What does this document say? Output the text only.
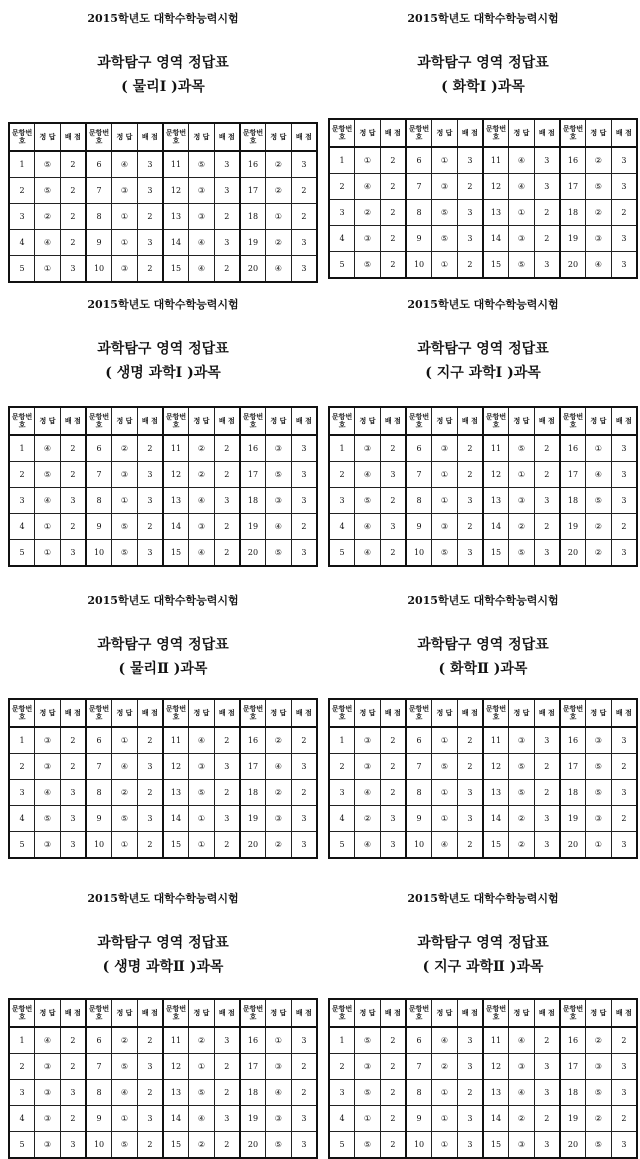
2015학년도 대학수학능력시험
과학탐구 영역 정답표
( 물리Ⅰ )과목
문항번호	정 답	배 점	문항번호	정 답	배 점	문항번호	정 답	배 점	문항번호	정 답	배 점
1	⑤	2	6	④	3	11	⑤	3	16	②	3
2	⑤	2	7	③	3	12	③	3	17	②	2
3	②	2	8	①	2	13	③	2	18	①	2
4	④	2	9	①	3	14	④	3	19	②	3
5	①	3	10	③	2	15	④	2	20	④	3
2015학년도 대학수학능력시험
과학탐구 영역 정답표
( 화학Ⅰ )과목
문항번호	정 답	배 점	문항번호	정 답	배 점	문항번호	정 답	배 점	문항번호	정 답	배 점
1	①	2	6	①	3	11	④	3	16	②	3
2	④	2	7	③	2	12	④	3	17	⑤	3
3	②	2	8	⑤	3	13	①	2	18	②	2
4	③	2	9	⑤	3	14	③	2	19	③	3
5	⑤	2	10	①	2	15	⑤	3	20	④	3
2015학년도 대학수학능력시험
과학탐구 영역 정답표
( 생명 과학Ⅰ )과목
문항번호	정 답	배 점	문항번호	정 답	배 점	문항번호	정 답	배 점	문항번호	정 답	배 점
1	④	2	6	②	2	11	②	2	16	③	3
2	⑤	2	7	③	3	12	②	2	17	⑤	3
3	④	3	8	①	3	13	④	3	18	③	3
4	①	2	9	⑤	2	14	③	2	19	④	2
5	①	3	10	⑤	3	15	④	2	20	⑤	3
2015학년도 대학수학능력시험
과학탐구 영역 정답표
( 지구 과학Ⅰ )과목
문항번호	정 답	배 점	문항번호	정 답	배 점	문항번호	정 답	배 점	문항번호	정 답	배 점
1	③	2	6	③	2	11	⑤	2	16	①	3
2	④	3	7	①	2	12	①	2	17	④	3
3	⑤	2	8	①	3	13	③	3	18	⑤	3
4	④	3	9	③	2	14	②	2	19	②	2
5	④	2	10	⑤	3	15	⑤	3	20	②	3
2015학년도 대학수학능력시험
과학탐구 영역 정답표
( 물리Ⅱ )과목
문항번호	정 답	배 점	문항번호	정 답	배 점	문항번호	정 답	배 점	문항번호	정 답	배 점
1	③	2	6	①	2	11	④	2	16	②	2
2	③	2	7	④	3	12	③	3	17	④	3
3	④	3	8	②	2	13	⑤	2	18	②	2
4	⑤	3	9	⑤	3	14	①	3	19	③	3
5	③	3	10	①	2	15	①	2	20	②	3
2015학년도 대학수학능력시험
과학탐구 영역 정답표
( 화학Ⅱ )과목
문항번호	정 답	배 점	문항번호	정 답	배 점	문항번호	정 답	배 점	문항번호	정 답	배 점
1	③	2	6	①	2	11	③	3	16	③	3
2	③	2	7	⑤	2	12	⑤	2	17	⑤	2
3	④	2	8	①	3	13	⑤	2	18	⑤	3
4	②	3	9	①	3	14	②	3	19	③	2
5	④	3	10	④	2	15	②	3	20	①	3
2015학년도 대학수학능력시험
과학탐구 영역 정답표
( 생명 과학Ⅱ )과목
문항번호	정 답	배 점	문항번호	정 답	배 점	문항번호	정 답	배 점	문항번호	정 답	배 점
1	④	2	6	②	2	11	②	3	16	①	3
2	③	2	7	⑤	3	12	①	2	17	③	2
3	③	3	8	④	2	13	⑤	2	18	④	2
4	③	2	9	①	3	14	④	3	19	③	3
5	③	3	10	⑤	2	15	②	2	20	⑤	3
2015학년도 대학수학능력시험
과학탐구 영역 정답표
( 지구 과학Ⅱ )과목
문항번호	정 답	배 점	문항번호	정 답	배 점	문항번호	정 답	배 점	문항번호	정 답	배 점
1	⑤	2	6	④	3	11	④	2	16	②	2
2	③	2	7	②	3	12	③	3	17	③	3
3	⑤	2	8	①	2	13	④	3	18	⑤	3
4	①	2	9	①	3	14	②	2	19	②	2
5	⑤	2	10	①	3	15	③	3	20	⑤	3
